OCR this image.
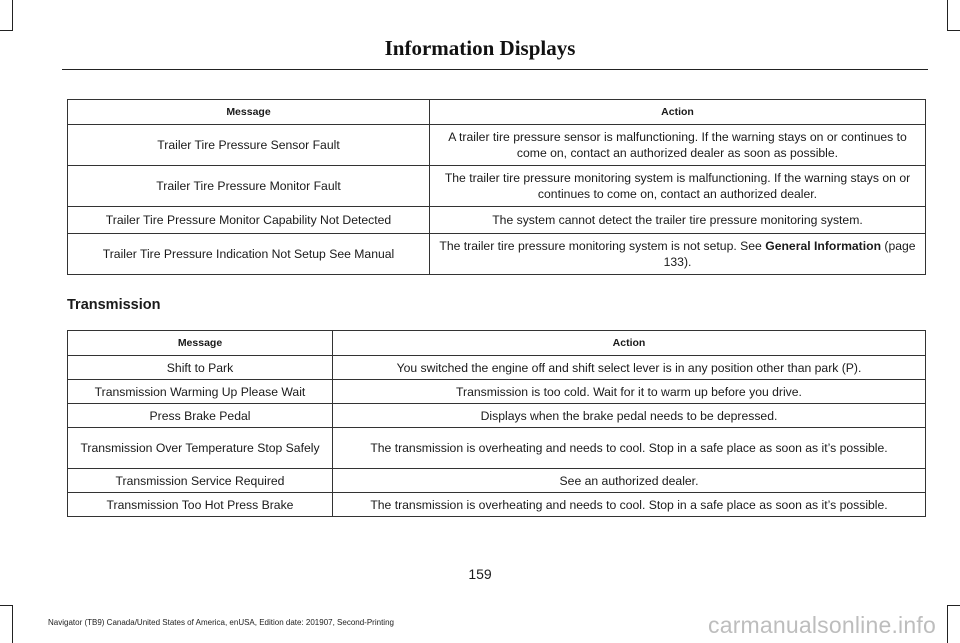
Information Displays
Message	Action
Trailer Tire Pressure Sensor Fault	A trailer tire pressure sensor is malfunctioning. If the warning stays on or continues to come on, contact an authorized dealer as soon as possible.
Trailer Tire Pressure Monitor Fault	The trailer tire pressure monitoring system is malfunctioning. If the warning stays on or continues to come on, contact an authorized dealer.
Trailer Tire Pressure Monitor Capability Not Detected	The system cannot detect the trailer tire pressure monitoring system.
Trailer Tire Pressure Indication Not Setup See Manual	The trailer tire pressure monitoring system is not setup. See General Information (page 133).
Transmission
Message	Action
Shift to Park	You switched the engine off and shift select lever is in any position other than park (P).
Transmission Warming Up Please Wait	Transmission is too cold. Wait for it to warm up before you drive.
Press Brake Pedal	Displays when the brake pedal needs to be depressed.
Transmission Over Temperature Stop Safely	The transmission is overheating and needs to cool. Stop in a safe place as soon as it’s possible.
Transmission Service Required	See an authorized dealer.
Transmission Too Hot Press Brake	The transmission is overheating and needs to cool. Stop in a safe place as soon as it’s possible.
159
Navigator (TB9) Canada/United States of America, enUSA, Edition date: 201907, Second-Printing	carmanualsonline.info
